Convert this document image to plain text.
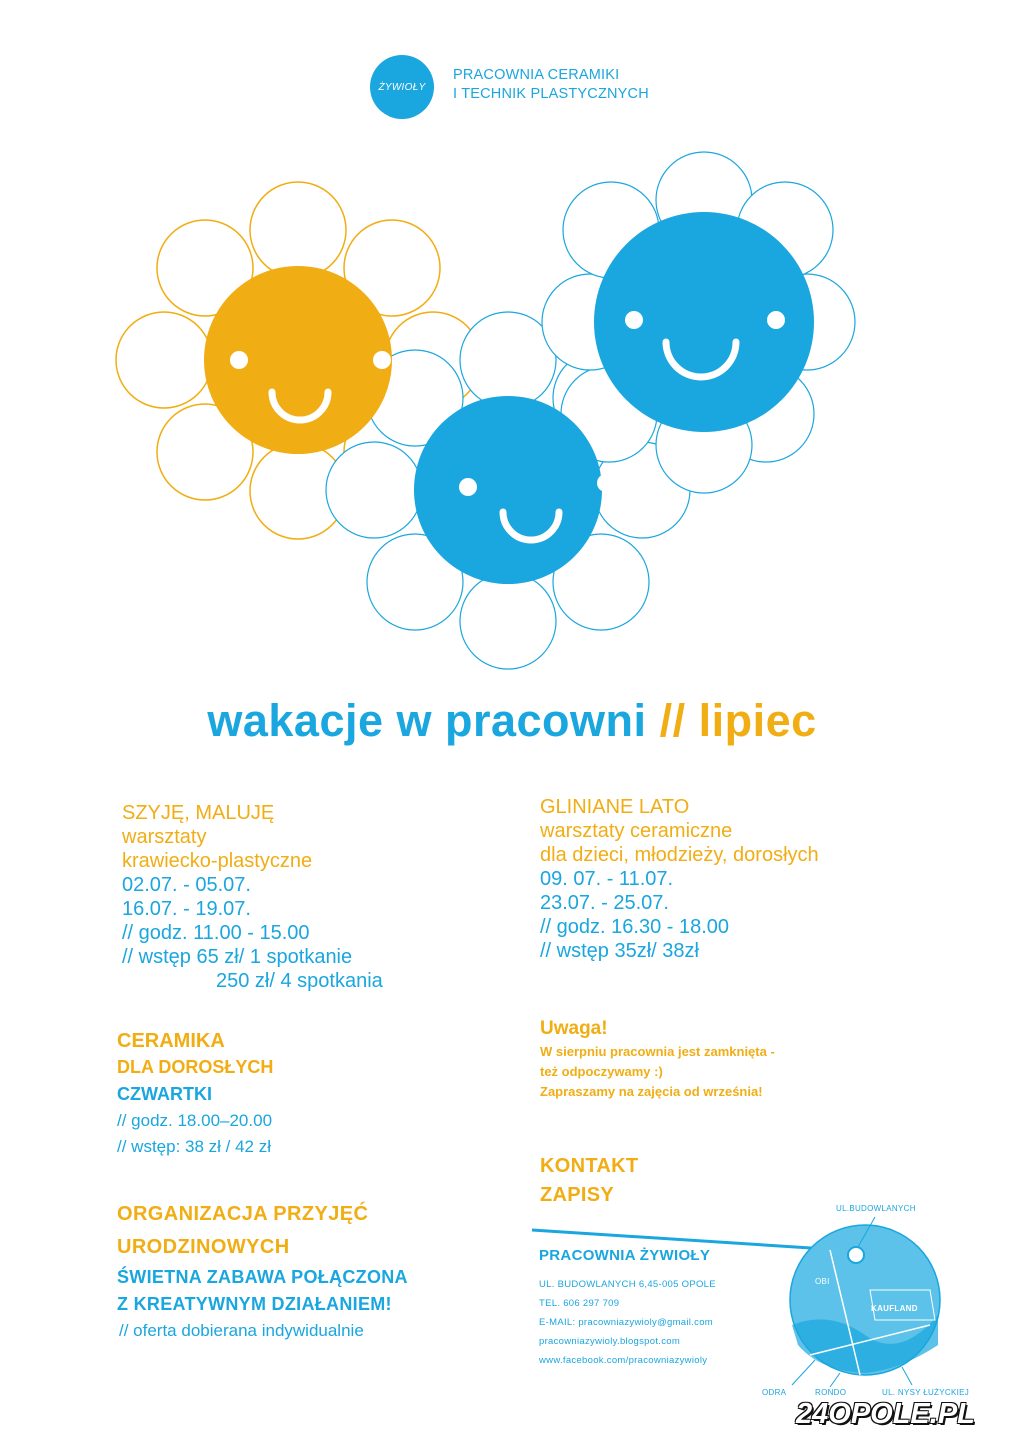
ŻYWIOŁY
PRACOWNIA CERAMIKI
I TECHNIK PLASTYCZNYCH
wakacje w pracowni // lipiec
SZYJĘ, MALUJĘ
warsztaty
krawiecko-plastyczne
02.07. - 05.07.
16.07. - 19.07.
// godz. 11.00 - 15.00
// wstęp 65 zł/ 1 spotkanie
250 zł/ 4 spotkania
CERAMIKA
DLA DOROSŁYCH
CZWARTKI
// godz. 18.00–20.00
// wstęp: 38 zł / 42 zł
ORGANIZACJA PRZYJĘĆ
URODZINOWYCH
ŚWIETNA ZABAWA POŁĄCZONA
Z KREATYWNYM DZIAŁANIEM!
// oferta dobierana indywidualnie
GLINIANE LATO
warsztaty ceramiczne
dla dzieci, młodzieży, dorosłych
09. 07. - 11.07.
23.07. - 25.07.
// godz. 16.30 - 18.00
// wstęp 35zł/ 38zł
Uwaga!
W sierpniu pracownia jest zamknięta -
też odpoczywamy :)
Zapraszamy na zajęcia od września!
KONTAKT
ZAPISY
UL.BUDOWLANYCH
OBI
KAUFLAND
ODRA	RONDO	UL. NYSY ŁUŻYCKIEJ
PRACOWNIA ŻYWIOŁY
UL. BUDOWLANYCH 6,45-005 OPOLE
TEL. 606 297 709
E-MAIL: pracowniazywioly@gmail.com
pracowniazywioly.blogspot.com
www.facebook.com/pracowniazywioly
24OPOLE.PL
